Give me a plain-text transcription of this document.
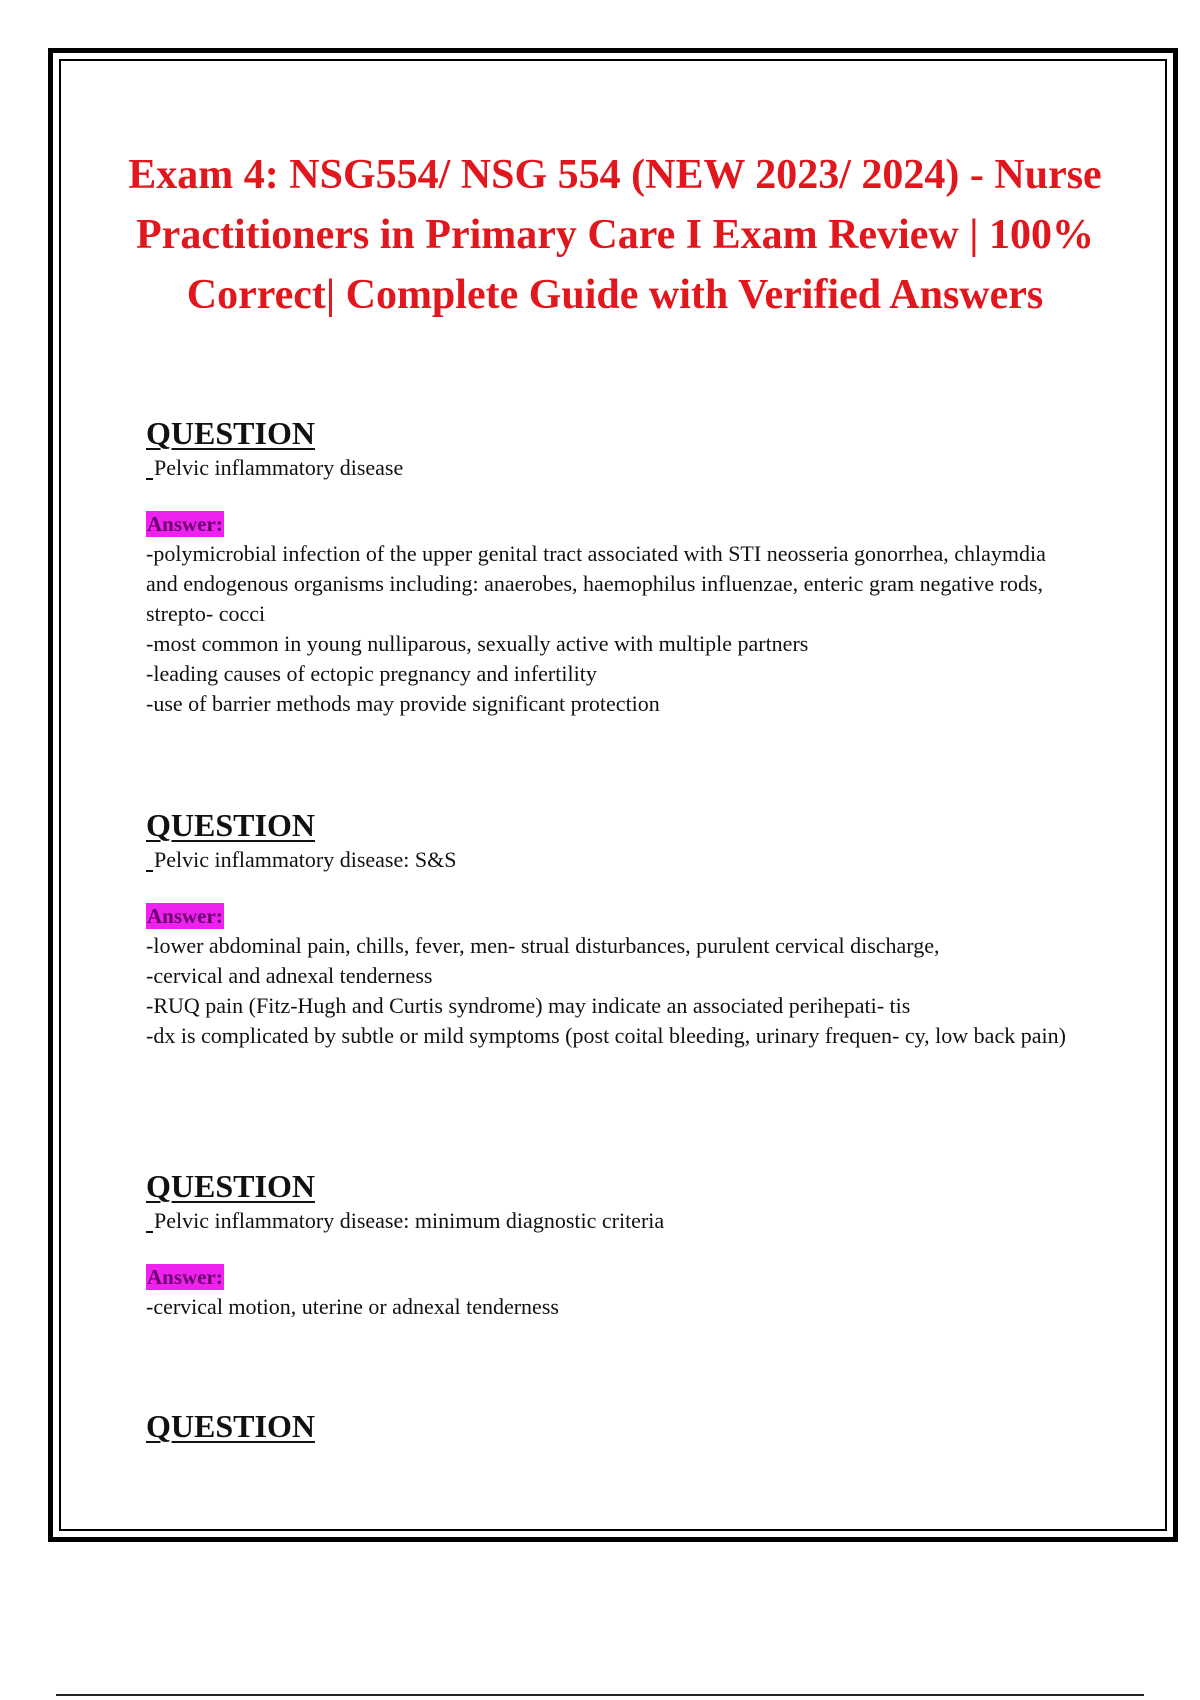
Exam 4: NSG554/ NSG 554 (NEW 2023/ 2024) - Nurse Practitioners in Primary Care I Exam Review | 100% Correct| Complete Guide with Verified Answers

QUESTION

Pelvic inflammatory disease

Answer:
-polymicrobial infection of the upper genital tract associated with STI neosseria gonorrhea, chlaymdia and endogenous organisms including: anaerobes, haemophilus influenzae, enteric gram negative rods, strepto- cocci
-most common in young nulliparous, sexually active with multiple partners
-leading causes of ectopic pregnancy and infertility
-use of barrier methods may provide significant protection

QUESTION

Pelvic inflammatory disease: S&S

Answer:
-lower abdominal pain, chills, fever, men- strual disturbances, purulent cervical discharge,
-cervical and adnexal tenderness
-RUQ pain (Fitz-Hugh and Curtis syndrome) may indicate an associated perihepati- tis
-dx is complicated by subtle or mild symptoms (post coital bleeding, urinary frequen- cy, low back pain)

QUESTION

Pelvic inflammatory disease: minimum diagnostic criteria

Answer:
-cervical motion, uterine or adnexal tenderness

QUESTION
